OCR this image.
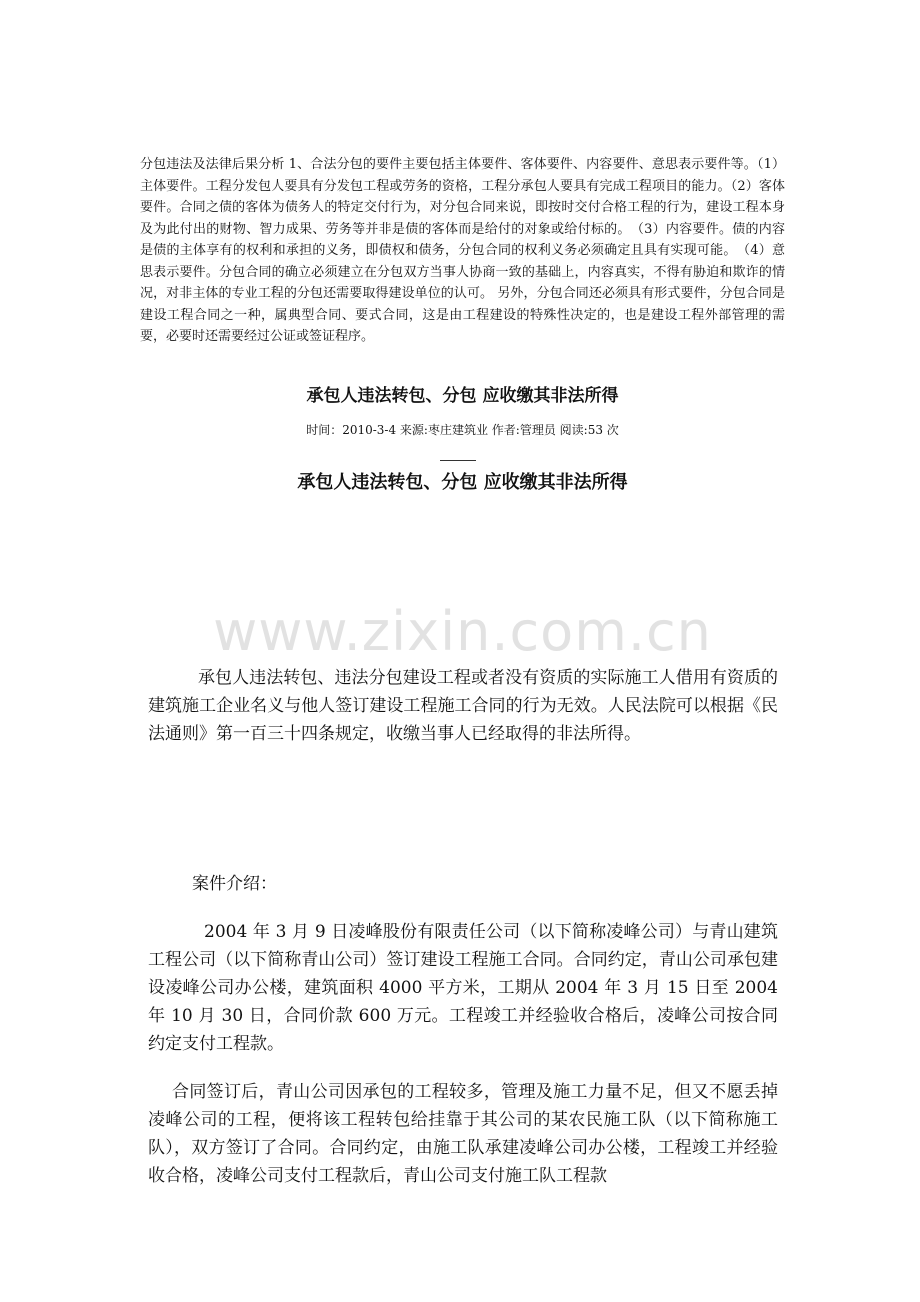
分包违法及法律后果分析 1、合法分包的要件主要包括主体要件、客体要件、内容要件、意思表示要件等。（1）主体要件。工程分发包人要具有分发包工程或劳务的资格，工程分承包人要具有完成工程项目的能力。（2）客体要件。合同之债的客体为债务人的特定交付行为，对分包合同来说，即按时交付合格工程的行为，建设工程本身及为此付出的财物、智力成果、劳务等并非是债的客体而是给付的对象或给付标的。　（3）内容要件。债的内容是债的主体享有的权利和承担的义务，即债权和债务，分包合同的权利义务必须确定且具有实现可能。　（4）意思表示要件。分包合同的确立必须建立在分包双方当事人协商一致的基础上，内容真实，不得有胁迫和欺诈的情况，对非主体的专业工程的分包还需要取得建设单位的认可。 另外，分包合同还必须具有形式要件，分包合同是建设工程合同之一种，属典型合同、要式合同，这是由工程建设的特殊性决定的，也是建设工程外部管理的需要，必要时还需要经过公证或签证程序。

承包人违法转包、分包 应收缴其非法所得

时间：2010-3-4 来源:枣庄建筑业 作者:管理员 阅读:53 次

承包人违法转包、分包 应收缴其非法所得
www.zixin.com.cn

承包人违法转包、违法分包建设工程或者没有资质的实际施工人借用有资质的建筑施工企业名义与他人签订建设工程施工合同的行为无效。人民法院可以根据《民法通则》第一百三十四条规定，收缴当事人已经取得的非法所得。

案件介绍：

2004 年 3 月 9 日凌峰股份有限责任公司（以下简称凌峰公司）与青山建筑工程公司（以下简称青山公司）签订建设工程施工合同。合同约定，青山公司承包建设凌峰公司办公楼，建筑面积 4000 平方米，工期从 2004 年 3 月 15 日至 2004 年 10 月 30 日，合同价款 600 万元。工程竣工并经验收合格后，凌峰公司按合同约定支付工程款。

合同签订后，青山公司因承包的工程较多，管理及施工力量不足，但又不愿丢掉凌峰公司的工程，便将该工程转包给挂靠于其公司的某农民施工队（以下简称施工队），双方签订了合同。合同约定，由施工队承建凌峰公司办公楼，工程竣工并经验收合格，凌峰公司支付工程款后，青山公司支付施工队工程款
